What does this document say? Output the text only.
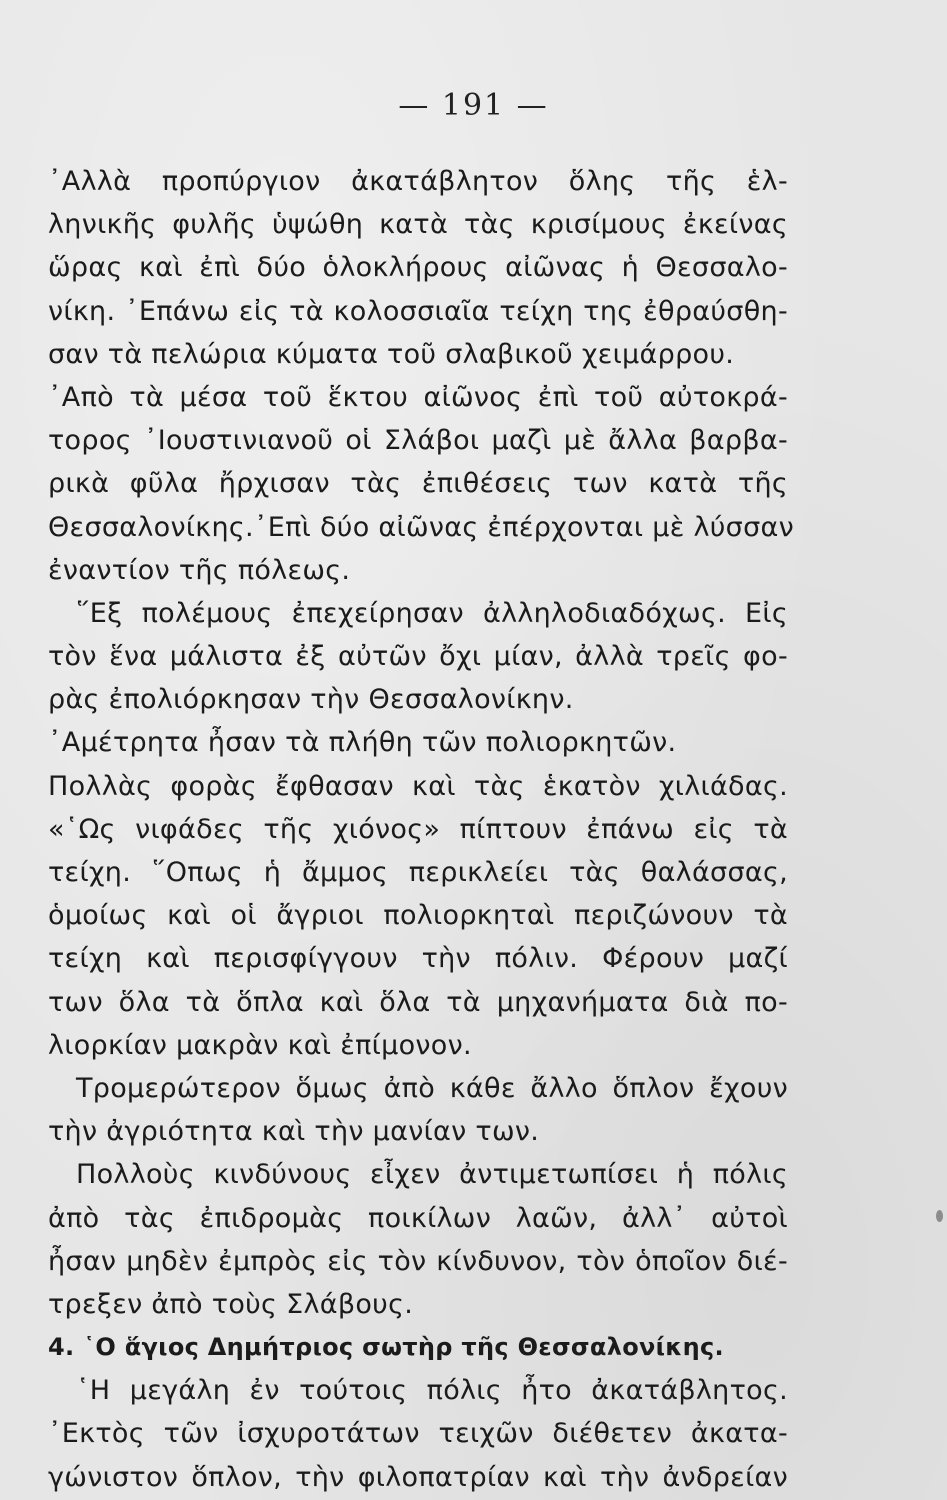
— 191 —
᾿Αλλὰ προπύργιον ἀκατάβλητον ὅλης τῆς ἑλ-
ληνικῆς φυλῆς ὑψώθη κατὰ τὰς κρισίμους ἐκείνας
ὥρας καὶ ἐπὶ δύο ὁλοκλήρους αἰῶνας ἡ Θεσσαλο-
νίκη. ᾿Επάνω εἰς τὰ κολοσσιαῖα τείχη της ἐθραύσθη-
σαν τὰ πελώρια κύματα τοῦ σλαβικοῦ χειμάρρου.
᾿Απὸ τὰ μέσα τοῦ ἕκτου αἰῶνος ἐπὶ τοῦ αὐτοκρά-
τορος ᾿Ιουστινιανοῦ οἱ Σλάβοι μαζὶ μὲ ἄλλα βαρβα-
ρικὰ φῦλα ἤρχισαν τὰς ἐπιθέσεις των κατὰ τῆς
Θεσσαλονίκης.᾿Επὶ δύο αἰῶνας ἐπέρχονται μὲ λύσσαν
ἐναντίον τῆς πόλεως.
῞Εξ πολέμους ἐπεχείρησαν ἀλληλοδιαδόχως. Εἰς
τὸν ἕνα μάλιστα ἐξ αὐτῶν ὄχι μίαν, ἀλλὰ τρεῖς φο-
ρὰς ἐπολιόρκησαν τὴν Θεσσαλονίκην.
᾿Αμέτρητα ἦσαν τὰ πλήθη τῶν πολιορκητῶν.
Πολλὰς φορὰς ἔφθασαν καὶ τὰς ἑκατὸν χιλιάδας.
«῾Ως νιφάδες τῆς χιόνος» πίπτουν ἐπάνω εἰς τὰ
τείχη. ῞Οπως ἡ ἄμμος περικλείει τὰς θαλάσσας,
ὁμοίως καὶ οἱ ἄγριοι πολιορκηταὶ περιζώνουν τὰ
τείχη καὶ περισφίγγουν τὴν πόλιν. Φέρουν μαζί
των ὅλα τὰ ὅπλα καὶ ὅλα τὰ μηχανήματα διὰ πο-
λιορκίαν μακρὰν καὶ ἐπίμονον.
Τρομερώτερον ὅμως ἀπὸ κάθε ἄλλο ὅπλον ἔχουν
τὴν ἀγριότητα καὶ τὴν μανίαν των.
Πολλοὺς κινδύνους εἶχεν ἀντιμετωπίσει ἡ πόλις
ἀπὸ τὰς ἐπιδρομὰς ποικίλων λαῶν, ἀλλ᾿ αὐτοὶ
ἦσαν μηδὲν ἐμπρὸς εἰς τὸν κίνδυνον, τὸν ὁποῖον διέ-
τρεξεν ἀπὸ τοὺς Σλάβους.
4. ῾Ο ἅγιος Δημήτριος σωτὴρ τῆς Θεσσαλονίκης.
῾Η μεγάλη ἐν τούτοις πόλις ἦτο ἀκατάβλητος.
᾿Εκτὸς τῶν ἰσχυροτάτων τειχῶν διέθετεν ἀκατα-
γώνιστον ὅπλον, τὴν φιλοπατρίαν καὶ τὴν ἀνδρείαν
